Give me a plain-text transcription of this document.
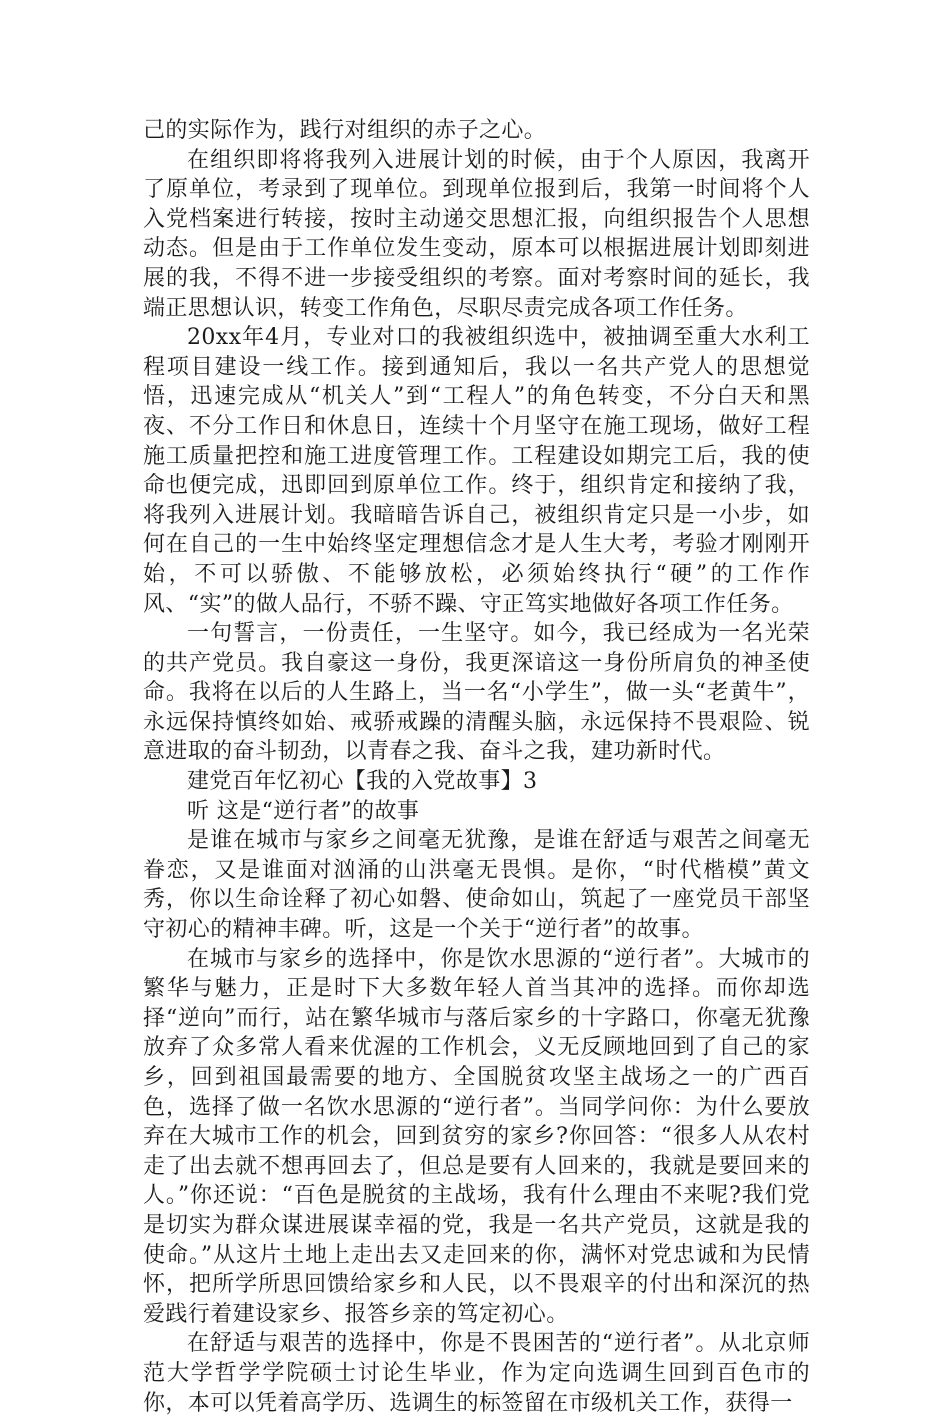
己的实际作为，践行对组织的赤子之心。

在组织即将将我列入进展计划的时候，由于个人原因，我离开了原单位，考录到了现单位。到现单位报到后，我第一时间将个人入党档案进行转接，按时主动递交思想汇报，向组织报告个人思想动态。但是由于工作单位发生变动，原本可以根据进展计划即刻进展的我，不得不进一步接受组织的考察。面对考察时间的延长，我端正思想认识，转变工作角色，尽职尽责完成各项工作任务。

20xx年4月，专业对口的我被组织选中，被抽调至重大水利工程项目建设一线工作。接到通知后，我以一名共产党人的思想觉悟，迅速完成从“机关人”到“工程人”的角色转变，不分白天和黑夜、不分工作日和休息日，连续十个月坚守在施工现场，做好工程施工质量把控和施工进度管理工作。工程建设如期完工后，我的使命也便完成，迅即回到原单位工作。终于，组织肯定和接纳了我，将我列入进展计划。我暗暗告诉自己，被组织肯定只是一小步，如何在自己的一生中始终坚定理想信念才是人生大考，考验才刚刚开始，不可以骄傲、不能够放松，必须始终执行“硬”的工作作风、“实”的做人品行，不骄不躁、守正笃实地做好各项工作任务。

一句誓言，一份责任，一生坚守。如今，我已经成为一名光荣的共产党员。我自豪这一身份，我更深谙这一身份所肩负的神圣使命。我将在以后的人生路上，当一名“小学生”，做一头“老黄牛”，永远保持慎终如始、戒骄戒躁的清醒头脑，永远保持不畏艰险、锐意进取的奋斗韧劲，以青春之我、奋斗之我，建功新时代。

建党百年忆初心【我的入党故事】3

听 这是“逆行者”的故事

是谁在城市与家乡之间毫无犹豫，是谁在舒适与艰苦之间毫无眷恋，又是谁面对汹涌的山洪毫无畏惧。是你，“时代楷模”黄文秀，你以生命诠释了初心如磐、使命如山，筑起了一座党员干部坚守初心的精神丰碑。听，这是一个关于“逆行者”的故事。

在城市与家乡的选择中，你是饮水思源的“逆行者”。大城市的繁华与魅力，正是时下大多数年轻人首当其冲的选择。而你却选择“逆向”而行，站在繁华城市与落后家乡的十字路口，你毫无犹豫放弃了众多常人看来优渥的工作机会，义无反顾地回到了自己的家乡，回到祖国最需要的地方、全国脱贫攻坚主战场之一的广西百色，选择了做一名饮水思源的“逆行者”。当同学问你：为什么要放弃在大城市工作的机会，回到贫穷的家乡?你回答：“很多人从农村走了出去就不想再回去了，但总是要有人回来的，我就是要回来的人。”你还说：“百色是脱贫的主战场，我有什么理由不来呢?我们党是切实为群众谋进展谋幸福的党，我是一名共产党员，这就是我的使命。”从这片土地上走出去又走回来的你，满怀对党忠诚和为民情怀，把所学所思回馈给家乡和人民，以不畏艰辛的付出和深沉的热爱践行着建设家乡、报答乡亲的笃定初心。

在舒适与艰苦的选择中，你是不畏困苦的“逆行者”。从北京师范大学哲学学院硕士讨论生毕业，作为定向选调生回到百色市的你，本可以凭着高学历、选调生的标签留在市级机关工作，获得一
